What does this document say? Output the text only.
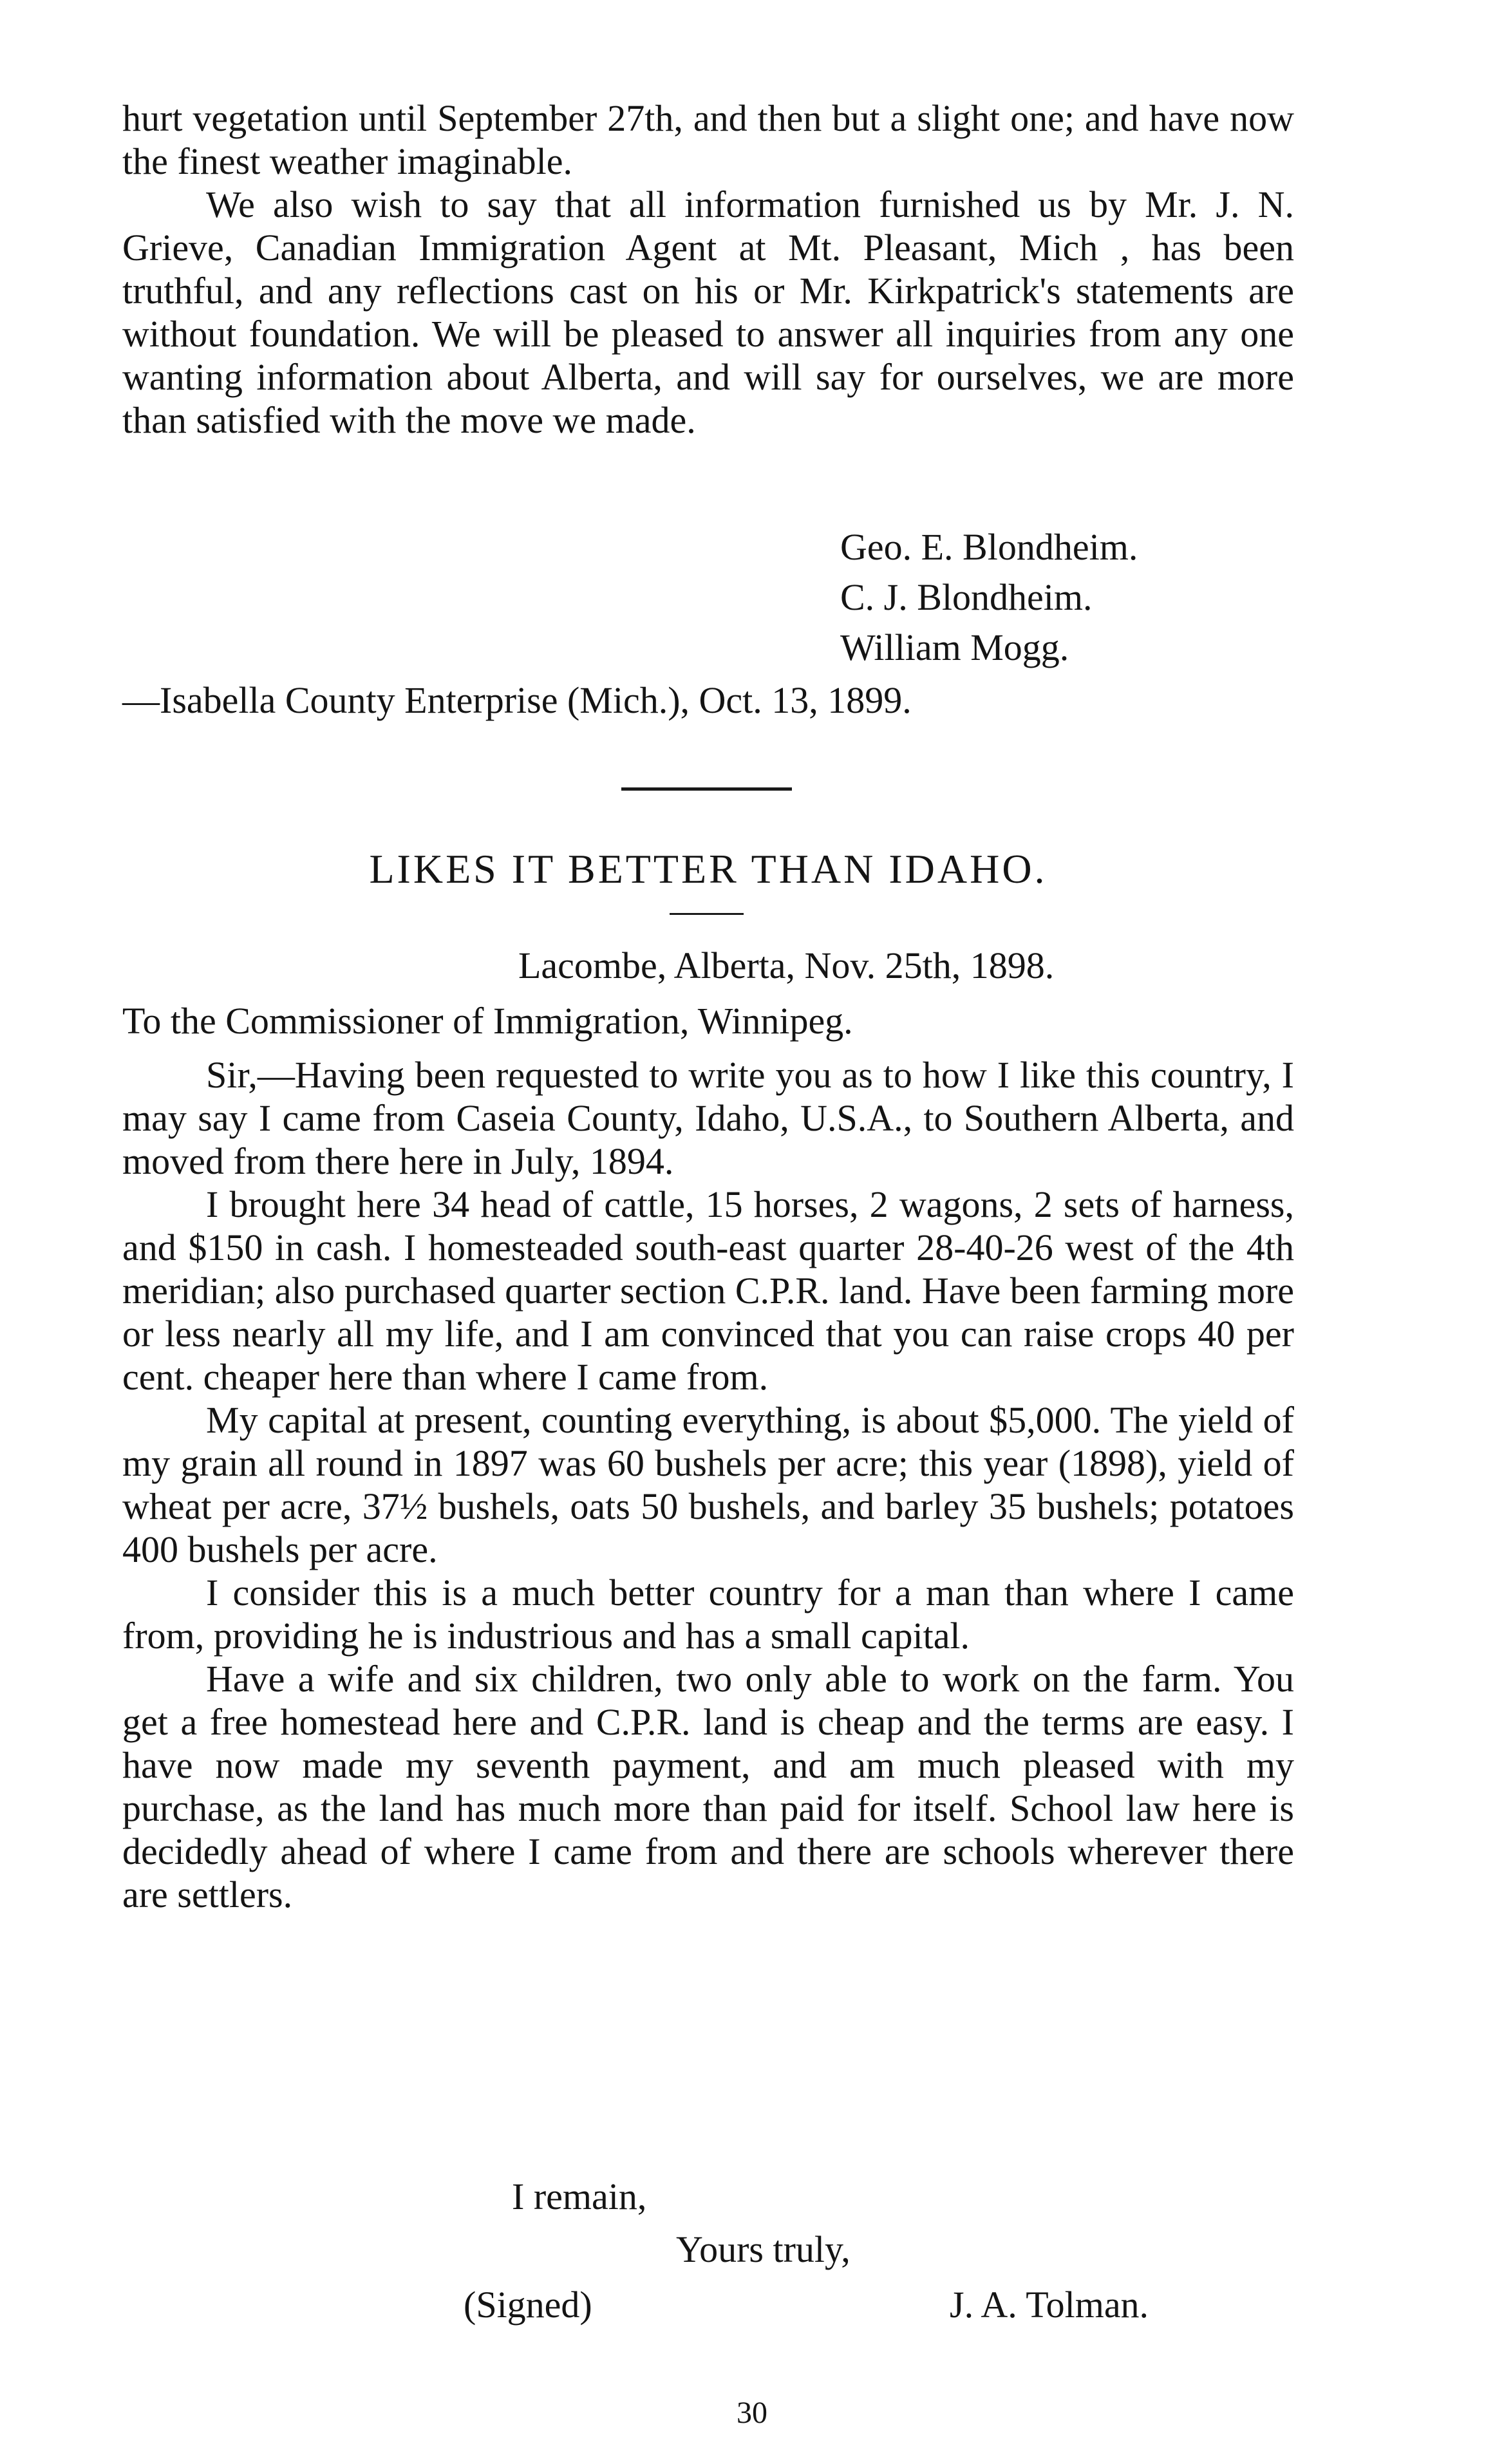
hurt vegetation until September 27th, and then but a slight one; and have now the finest weather imaginable.

We also wish to say that all information furnished us by Mr. J. N. Grieve, Canadian Immigration Agent at Mt. Pleasant, Mich , has been truthful, and any reflections cast on his or Mr. Kirkpatrick's statements are without foundation. We will be pleased to answer all inquiries from any one wanting information about Alberta, and will say for ourselves, we are more than satisfied with the move we made.

Geo. E. Blondheim.
C. J. Blondheim.
William Mogg.
—Isabella County Enterprise (Mich.), Oct. 13, 1899.
LIKES IT BETTER THAN IDAHO.
Lacombe, Alberta, Nov. 25th, 1898.
To the Commissioner of Immigration, Winnipeg.

Sir,—Having been requested to write you as to how I like this country, I may say I came from Caseia County, Idaho, U.S.A., to Southern Alberta, and moved from there here in July, 1894.

I brought here 34 head of cattle, 15 horses, 2 wagons, 2 sets of harness, and $150 in cash. I homesteaded south-east quarter 28-40-26 west of the 4th meridian; also purchased quarter section C.P.R. land. Have been farming more or less nearly all my life, and I am convinced that you can raise crops 40 per cent. cheaper here than where I came from.

My capital at present, counting everything, is about $5,000. The yield of my grain all round in 1897 was 60 bushels per acre; this year (1898), yield of wheat per acre, 37½ bushels, oats 50 bushels, and barley 35 bushels; potatoes 400 bushels per acre.

I consider this is a much better country for a man than where I came from, providing he is industrious and has a small capital.

Have a wife and six children, two only able to work on the farm. You get a free homestead here and C.P.R. land is cheap and the terms are easy. I have now made my seventh payment, and am much pleased with my purchase, as the land has much more than paid for itself. School law here is decidedly ahead of where I came from and there are schools wherever there are settlers.

I remain,
Yours truly,
(Signed)	J. A. Tolman.
30
